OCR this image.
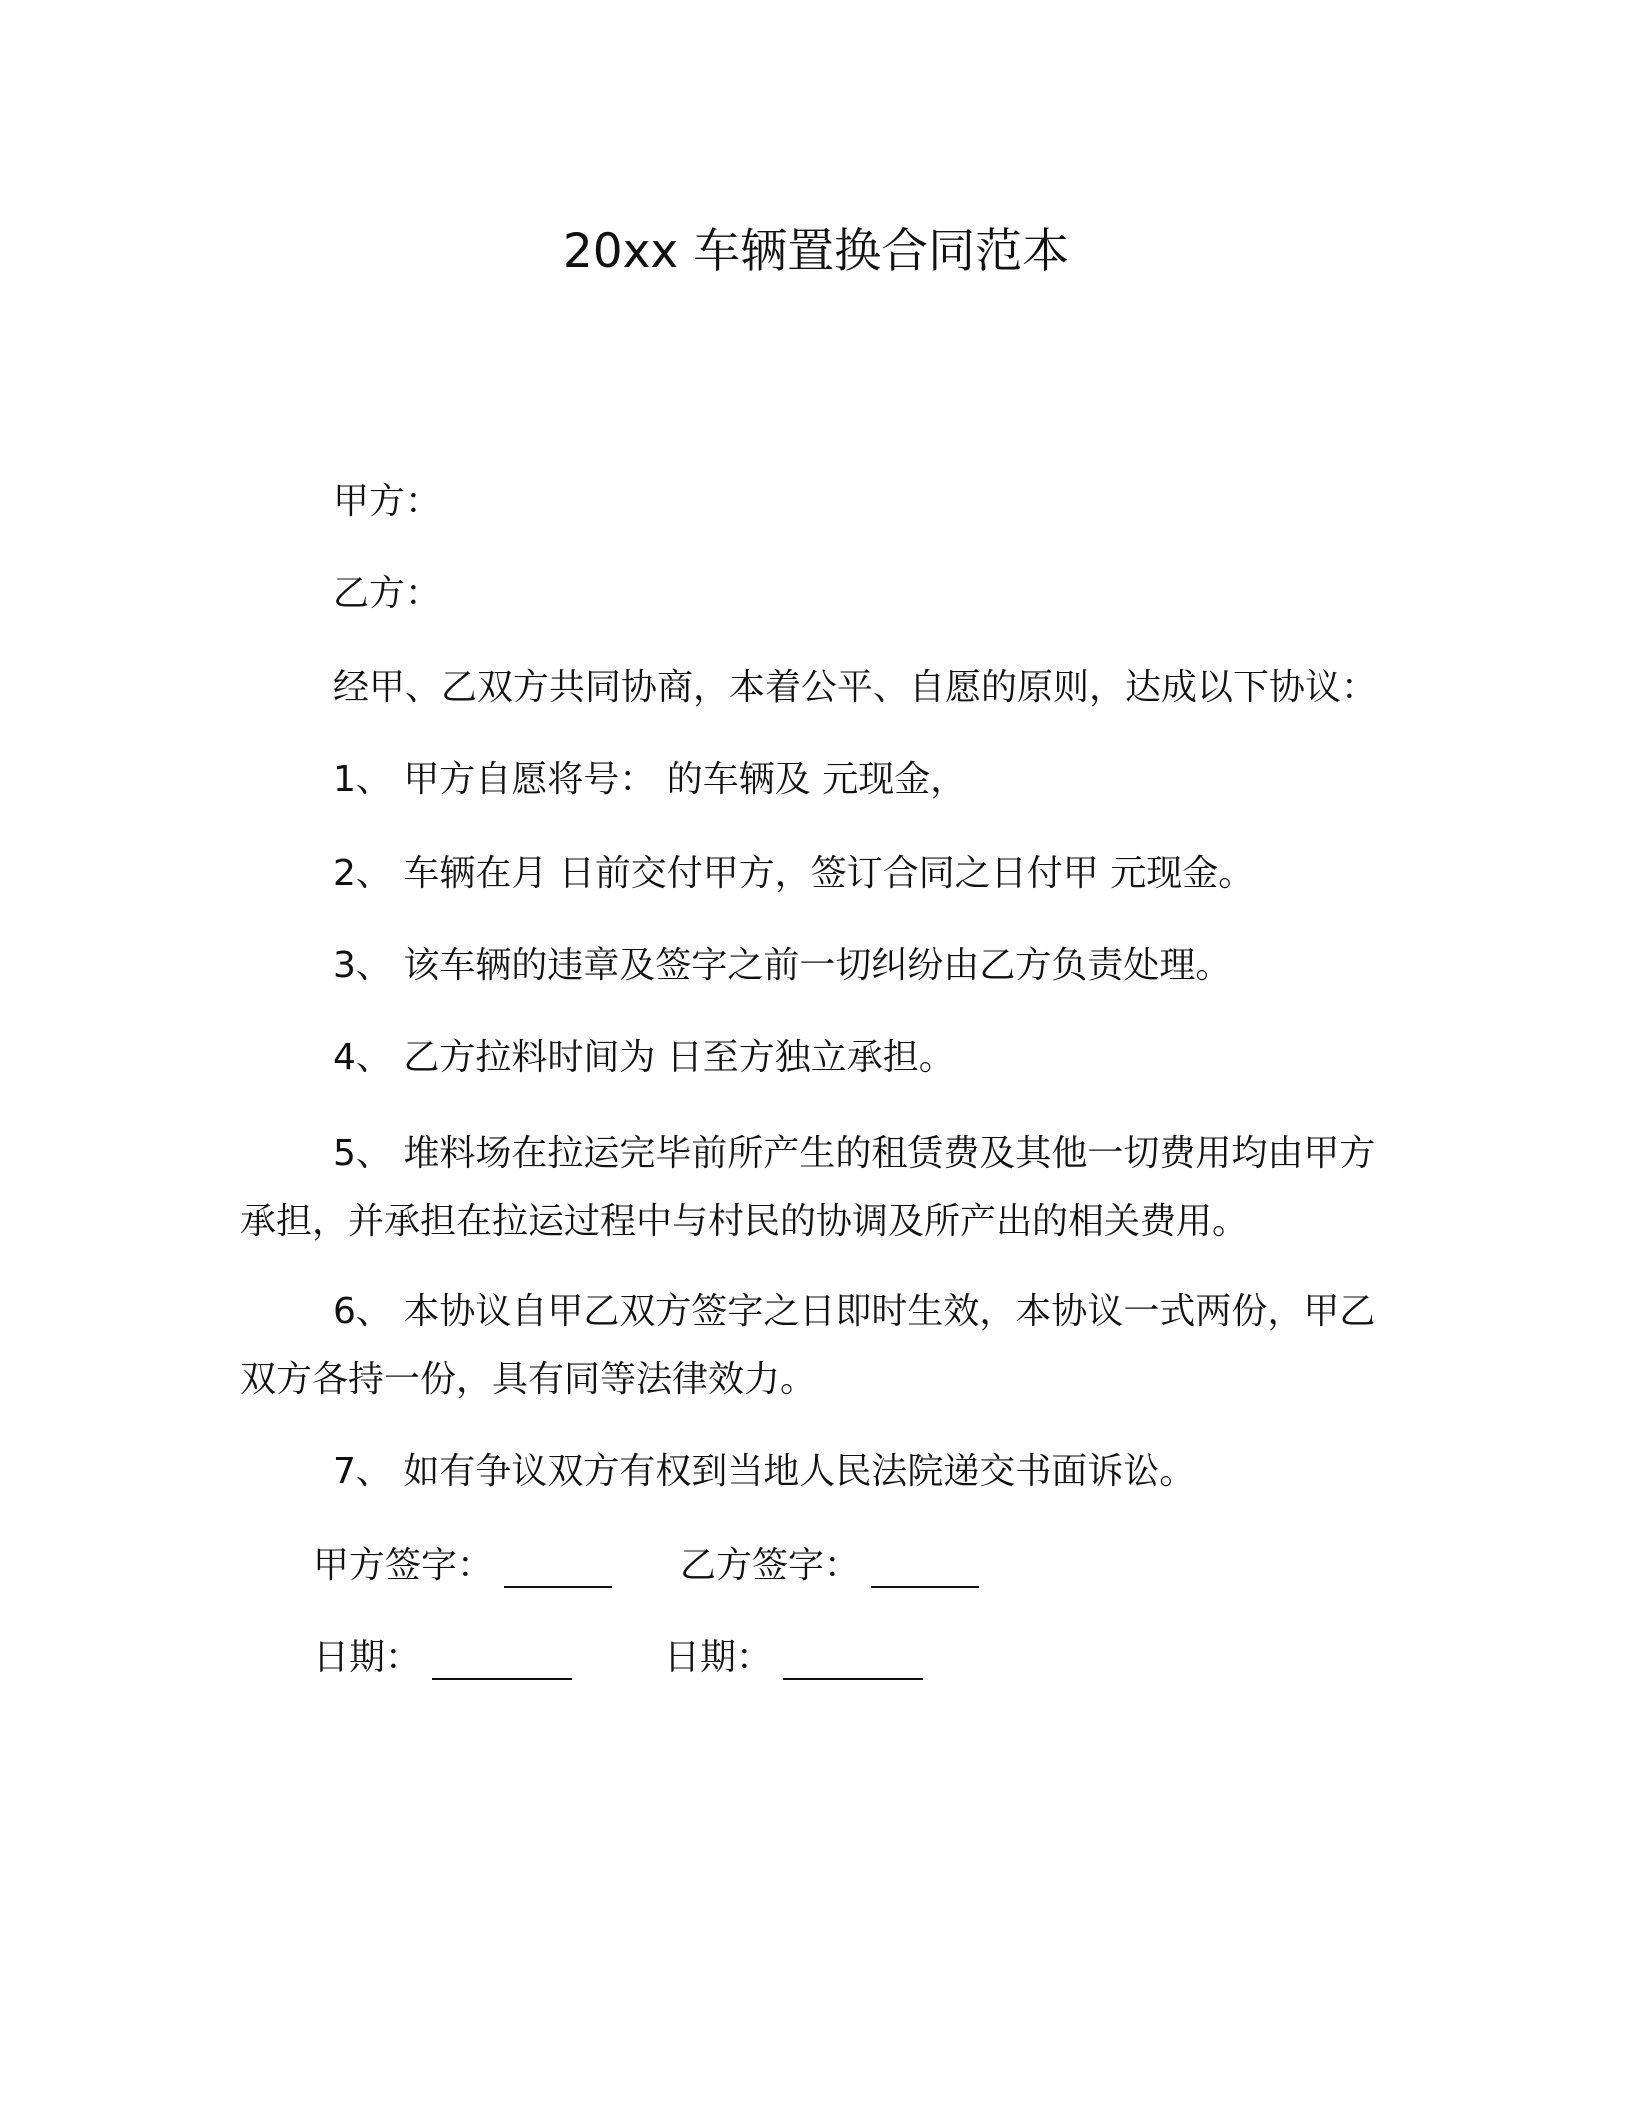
20xx 车辆置换合同范本
甲方：
乙方：
经甲、乙双方共同协商，本着公平、自愿的原则，达成以下协议：
1、 甲方自愿将号： 的车辆及 元现金，
2、 车辆在月 日前交付甲方，签订合同之日付甲 元现金。
3、 该车辆的违章及签字之前一切纠纷由乙方负责处理。
4、 乙方拉料时间为 日至方独立承担。
5、 堆料场在拉运完毕前所产生的租赁费及其他一切费用均由甲方承担，并承担在拉运过程中与村民的协调及所产出的相关费用。
6、 本协议自甲乙双方签字之日即时生效，本协议一式两份，甲乙双方各持一份，具有同等法律效力。
7、 如有争议双方有权到当地人民法院递交书面诉讼。
甲方签字：	乙方签字：
日期：	日期：
